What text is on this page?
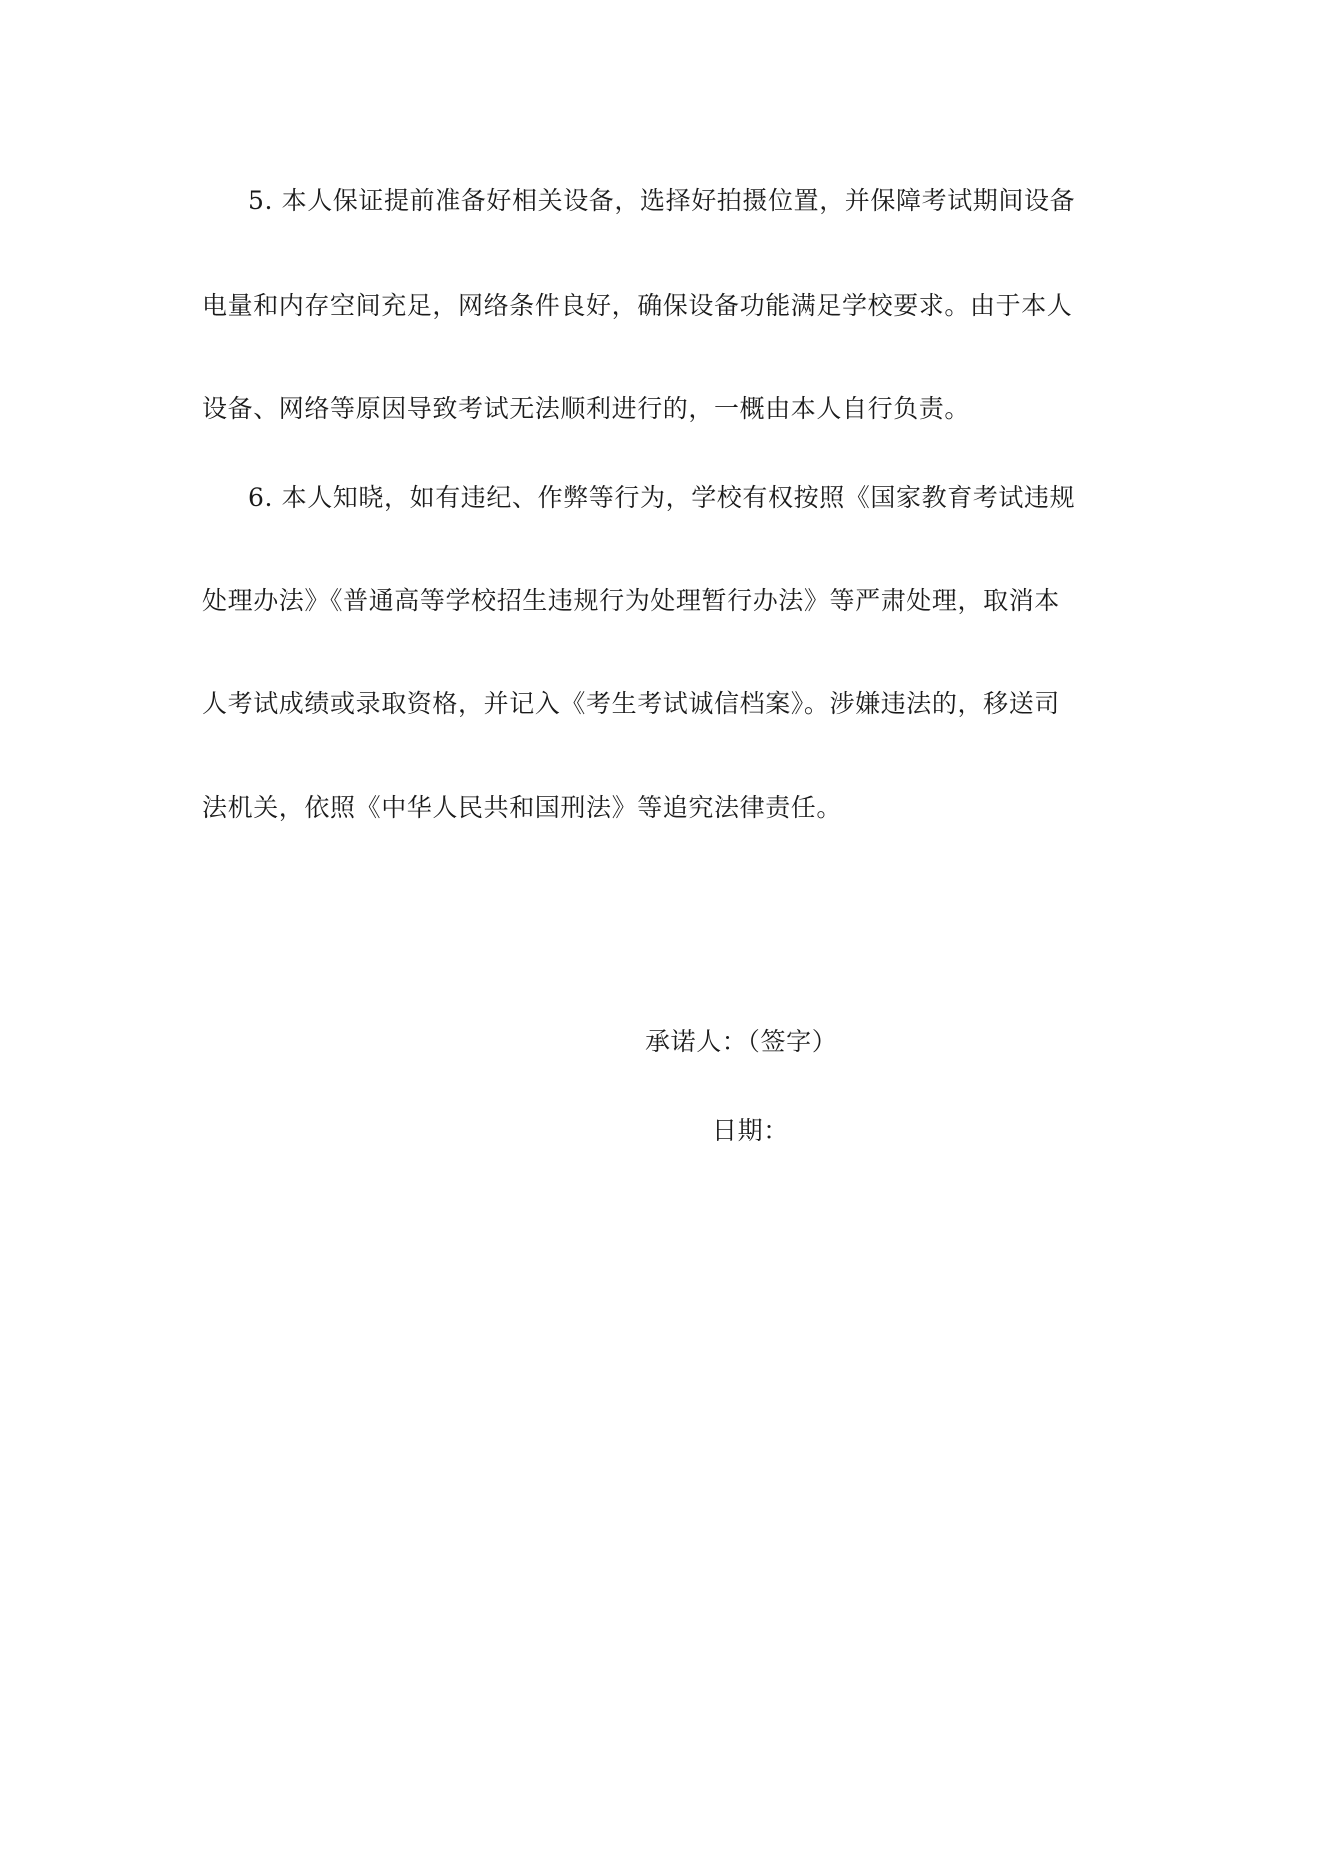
5. 本人保证提前准备好相关设备，选择好拍摄位置，并保障考试期间设备
电量和内存空间充足，网络条件良好，确保设备功能满足学校要求。由于本人
设备、网络等原因导致考试无法顺利进行的，一概由本人自行负责。
6. 本人知晓，如有违纪、作弊等行为，学校有权按照《国家教育考试违规
处理办法》《普通高等学校招生违规行为处理暂行办法》等严肃处理，取消本
人考试成绩或录取资格，并记入《考生考试诚信档案》。涉嫌违法的，移送司
法机关，依照《中华人民共和国刑法》等追究法律责任。
承诺人：（签字）
日期：
